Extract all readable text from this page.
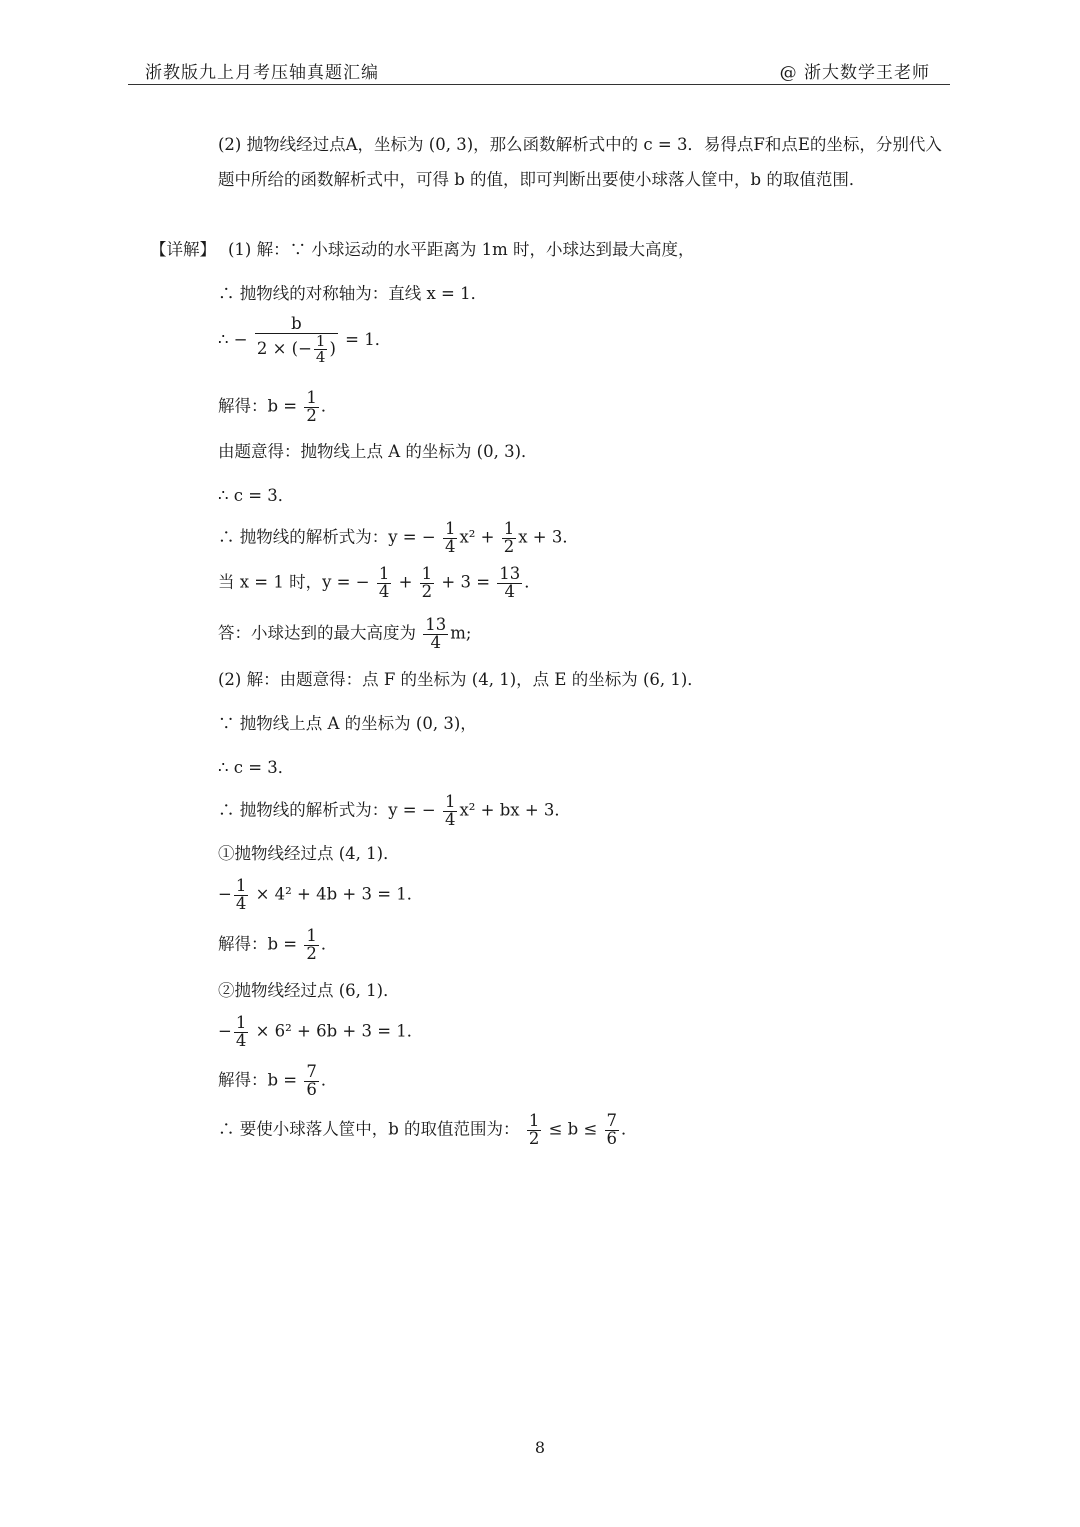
浙教版九上月考压轴真题汇编	@ 浙大数学王老师
(2) 抛物线经过点A，坐标为 (0, 3)，那么函数解析式中的 c = 3．易得点F和点E的坐标，分别代入题中所给的函数解析式中，可得 b 的值，即可判断出要使小球落人筐中，b 的取值范围．
【详解】 (1) 解：∵ 小球运动的水平距离为 1m 时，小球达到最大高度，
∴ 抛物线的对称轴为：直线 x = 1．
∴ − $\frac{b}{2 \times (- \frac{1}{4} )} = 1$．
解得：$b = \frac{1}{2}$ ．
由题意得：抛物线上点 A 的坐标为 (0, 3)．
∴ c = 3．
∴ 抛物线的解析式为：y = − $\frac{1}{4} x^2 + \frac{1}{2}$ x + 3．
当 x = 1 时，y = − $\frac{1}{4} + \frac{1}{2} + 3 = \frac{13}{4}$ ．
答：小球达到的最大高度为 $\frac{13}{4} m$;
(2) 解：由题意得：点 F 的坐标为 (4, 1)，点 E 的坐标为 (6, 1)．
∵ 抛物线上点 A 的坐标为 (0, 3)，
∴ c = 3．
∴ 抛物线的解析式为：y = − $\frac{1}{4} x^2$ + bx + 3．
①抛物线经过点 (4, 1)．
− $\frac{1}{4} \times 4^2 + 4b + 3 = 1$．
解得：$b = \frac{1}{2}$ ．
②抛物线经过点 (6, 1)．
− $\frac{1}{4} \times 6^2 + 6b + 3 = 1$．
解得：$b = \frac{7}{6}$ ．
∴ 要使小球落人筐中，b 的取值范围为： $\frac{1}{2} \le b \le \frac{7}{6}$ ．
8
